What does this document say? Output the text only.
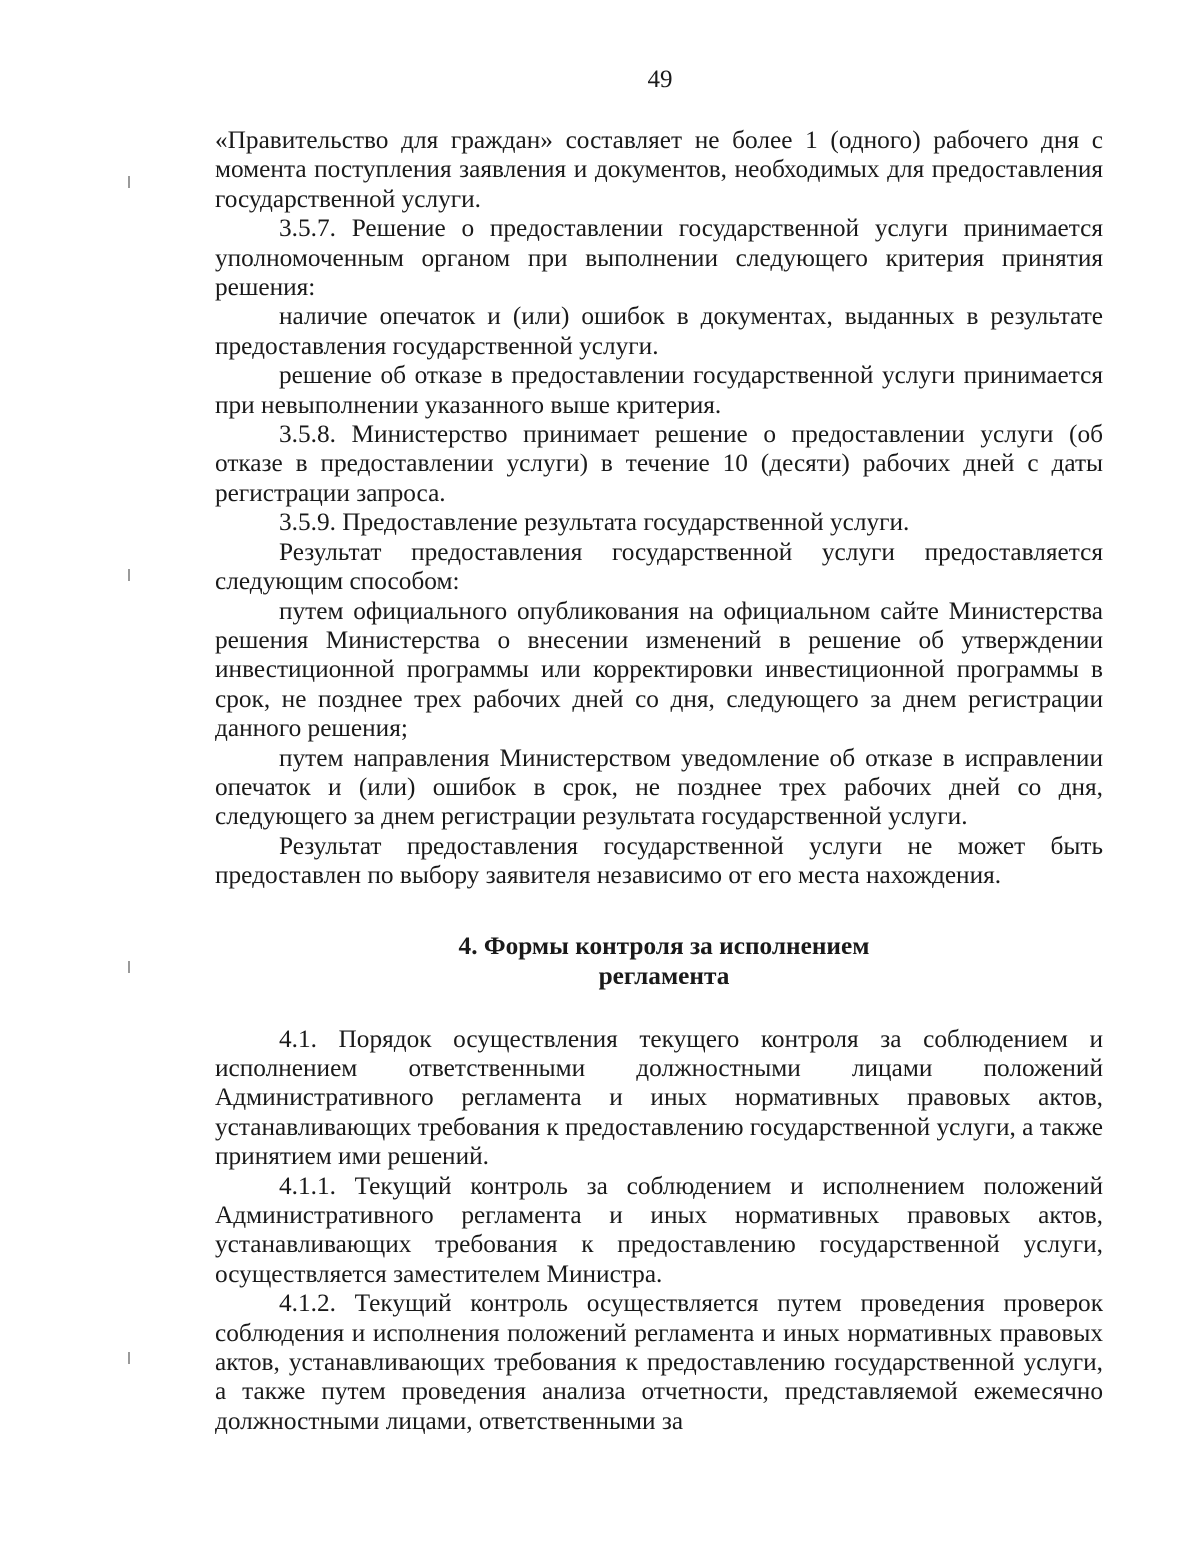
49

«Правительство для граждан» составляет не более 1 (одного) рабочего дня с момента поступления заявления и документов, необходимых для предоставления государственной услуги.

3.5.7. Решение о предоставлении государственной услуги принимается уполномоченным органом при выполнении следующего критерия принятия решения:

наличие опечаток и (или) ошибок в документах, выданных в результате предоставления государственной услуги.

решение об отказе в предоставлении государственной услуги принимается при невыполнении указанного выше критерия.

3.5.8. Министерство принимает решение о предоставлении услуги (об отказе в предоставлении услуги) в течение 10 (десяти) рабочих дней с даты регистрации запроса.

3.5.9. Предоставление результата государственной услуги.

Результат предоставления государственной услуги предоставляется следующим способом:

путем официального опубликования на официальном сайте Министерства решения Министерства о внесении изменений в решение об утверждении инвестиционной программы или корректировки инвестиционной программы в срок, не позднее трех рабочих дней со дня, следующего за днем регистрации данного решения;

путем направления Министерством уведомление об отказе в исправлении опечаток и (или) ошибок в срок, не позднее трех рабочих дней со дня, следующего за днем регистрации результата государственной услуги.

Результат предоставления государственной услуги не может быть предоставлен по выбору заявителя независимо от его места нахождения.

4. Формы контроля за исполнением
регламента

4.1. Порядок осуществления текущего контроля за соблюдением и исполнением ответственными должностными лицами положений Административного регламента и иных нормативных правовых актов, устанавливающих требования к предоставлению государственной услуги, а также принятием ими решений.

4.1.1. Текущий контроль за соблюдением и исполнением положений Административного регламента и иных нормативных правовых актов, устанавливающих требования к предоставлению государственной услуги, осуществляется заместителем Министра.

4.1.2. Текущий контроль осуществляется путем проведения проверок соблюдения и исполнения положений регламента и иных нормативных правовых актов, устанавливающих требования к предоставлению государственной услуги, а также путем проведения анализа отчетности, представляемой ежемесячно должностными лицами, ответственными за
